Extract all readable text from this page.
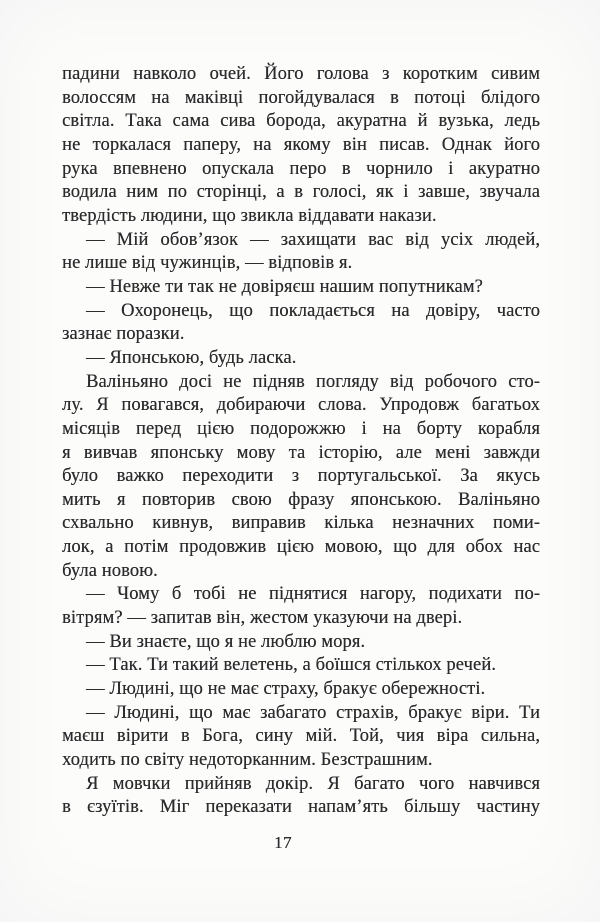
падини навколо очей. Його голова з коротким сивим
волоссям на маківці погойдувалася в потоці блідого
світла. Така сама сива борода, акуратна й вузька, ледь
не торкалася паперу, на якому він писав. Однак його
рука впевнено опускала перо в чорнило і акуратно
водила ним по сторінці, а в голосі, як і завше, звучала
твердість людини, що звикла віддавати накази.
— Мій обов’язок — захищати вас від усіх людей,
не лише від чужинців, — відповів я.
— Невже ти так не довіряєш нашим попутникам?
— Охоронець, що покладається на довіру, часто
зазнає поразки.
— Японською, будь ласка.
Валіньяно досі не підняв погляду від робочого сто-
лу. Я повагався, добираючи слова. Упродовж багатьох
місяців перед цією подорожжю і на борту корабля
я вивчав японську мову та історію, але мені завжди
було важко переходити з португальської. За якусь
мить я повторив свою фразу японською. Валіньяно
схвально кивнув, виправив кілька незначних поми-
лок, а потім продовжив цією мовою, що для обох нас
була новою.
— Чому б тобі не піднятися нагору, подихати по-
вітрям? — запитав він, жестом указуючи на двері.
— Ви знаєте, що я не люблю моря.
— Так. Ти такий велетень, а боїшся стількох речей.
— Людині, що не має страху, бракує обережності.
— Людині, що має забагато страхів, бракує віри. Ти
маєш вірити в Бога, сину мій. Той, чия віра сильна,
ходить по світу недоторканним. Безстрашним.
Я мовчки прийняв докір. Я багато чого навчився
в єзуїтів. Міг переказати напам’ять більшу частину
17
